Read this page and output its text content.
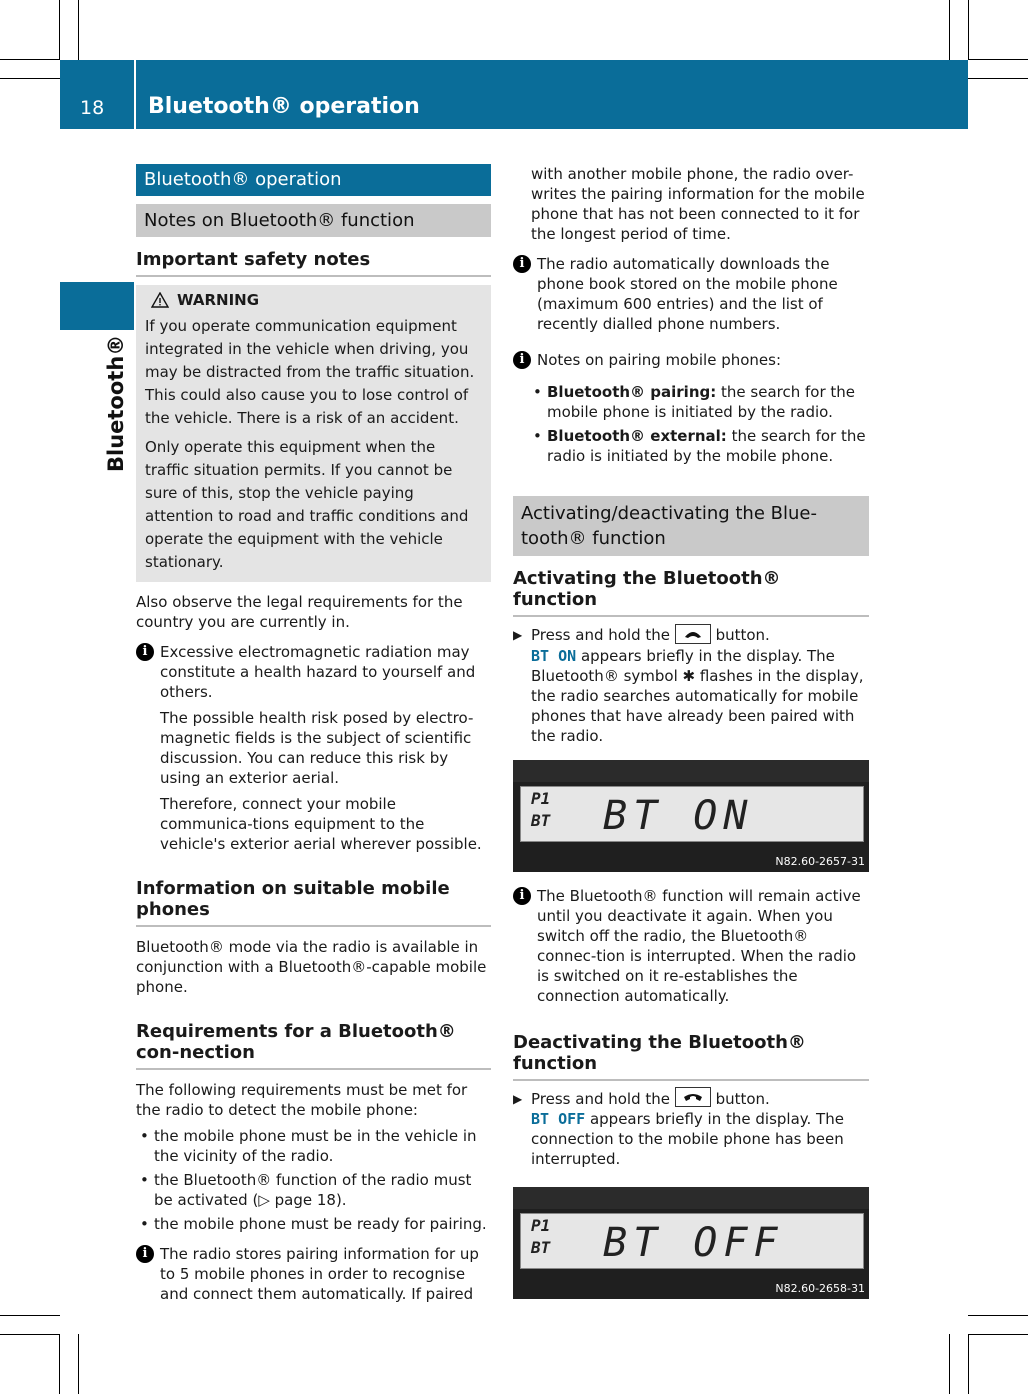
18 Bluetooth® operation
Bluetooth®
Bluetooth® operation
Notes on Bluetooth® function
Important safety notes
WARNING

If you operate communication equipment integrated in the vehicle when driving, you may be distracted from the traffic situation. This could also cause you to lose control of the vehicle. There is a risk of an accident.

Only operate this equipment when the traffic situation permits. If you cannot be sure of this, stop the vehicle paying attention to road and traffic conditions and operate the equipment with the vehicle stationary.

Also observe the legal requirements for the country you are currently in.
i Excessive electromagnetic radiation may constitute a health hazard to yourself and others.

The possible health risk posed by electro-magnetic fields is the subject of scientific discussion. You can reduce this risk by using an exterior aerial.

Therefore, connect your mobile communica-tions equipment to the vehicle's exterior aerial wherever possible.

Information on suitable mobile phones
Bluetooth® mode via the radio is available in conjunction with a Bluetooth®-capable mobile phone.
Requirements for a Bluetooth® con-nection
The following requirements must be met for the radio to detect the mobile phone:
• the mobile phone must be in the vehicle in the vicinity of the radio.
• the Bluetooth® function of the radio must be activated (▷ page 18).
• the mobile phone must be ready for pairing.
i The radio stores pairing information for up to 5 mobile phones in order to recognise and connect them automatically. If paired

with another mobile phone, the radio over-writes the pairing information for the mobile phone that has not been connected to it for the longest period of time.
i The radio automatically downloads the phone book stored on the mobile phone (maximum 600 entries) and the list of recently dialled phone numbers.

i Notes on pairing mobile phones:

• Bluetooth® pairing: the search for the mobile phone is initiated by the radio.
• Bluetooth® external: the search for the radio is initiated by the mobile phone.
Activating/deactivating the Blue-tooth® function
Activating the Bluetooth® function
▶ Press and hold the	button.
BT ON appears briefly in the display. The Bluetooth® symbol ✱ flashes in the display, the radio searches automatically for mobile phones that have already been paired with the radio.
P1
BT BT ON
N82.60-2657-31
i The Bluetooth® function will remain active until you deactivate it again. When you switch off the radio, the Bluetooth® connec-tion is interrupted. When the radio is switched on it re-establishes the connection automatically.

Deactivating the Bluetooth® function
▶ Press and hold the	button.
BT OFF appears briefly in the display. The connection to the mobile phone has been interrupted.
P1
BT BT OFF
N82.60-2658-31
